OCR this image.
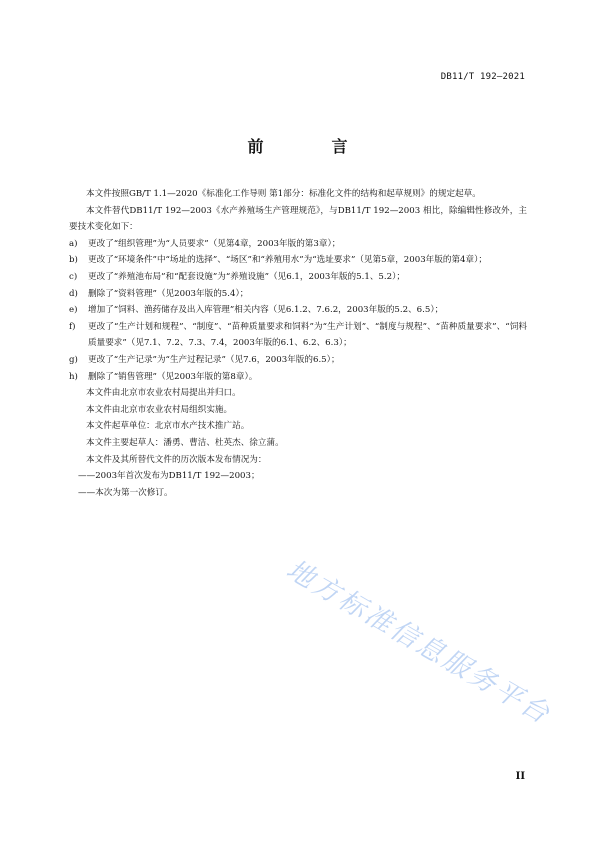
DB11/T 192—2021
前　言

本文件按照GB/T 1.1—2020《标准化工作导则 第1部分：标准化文件的结构和起草规则》的规定起草。

本文件替代DB11/T 192—2003《水产养殖场生产管理规范》，与DB11/T 192—2003 相比，除编辑性修改外，主要技术变化如下：

a)	更改了“组织管理”为“人员要求”（见第4章，2003年版的第3章）；
b)	更改了“环境条件”中“场址的选择”、“场区”和“养殖用水”为“选址要求”（见第5章，2003年版的第4章）；
c)	更改了“养殖池布局”和“配套设施”为“养殖设施”（见6.1，2003年版的5.1、5.2）；
d)	删除了“资料管理”（见2003年版的5.4）；
e)	增加了“饲料、渔药储存及出入库管理”相关内容（见6.1.2、7.6.2，2003年版的5.2、6.5）；
f)	更改了“生产计划和规程”、“制度”、“苗种质量要求和饲料”为“生产计划”、“制度与规程”、“苗种质量要求”、“饲料质量要求”（见7.1、7.2、7.3、7.4，2003年版的6.1、6.2、6.3）；
g)	更改了“生产记录”为“生产过程记录”（见7.6，2003年版的6.5）；
h)	删除了“销售管理”（见2003年版的第8章）。

本文件由北京市农业农村局提出并归口。

本文件由北京市农业农村局组织实施。

本文件起草单位：北京市水产技术推广站。

本文件主要起草人：潘勇、曹洁、杜英杰、徐立蒲。

本文件及其所替代文件的历次版本发布情况为：

——2003年首次发布为DB11/T 192—2003；

——本次为第一次修订。

地方标准信息服务平台
II
